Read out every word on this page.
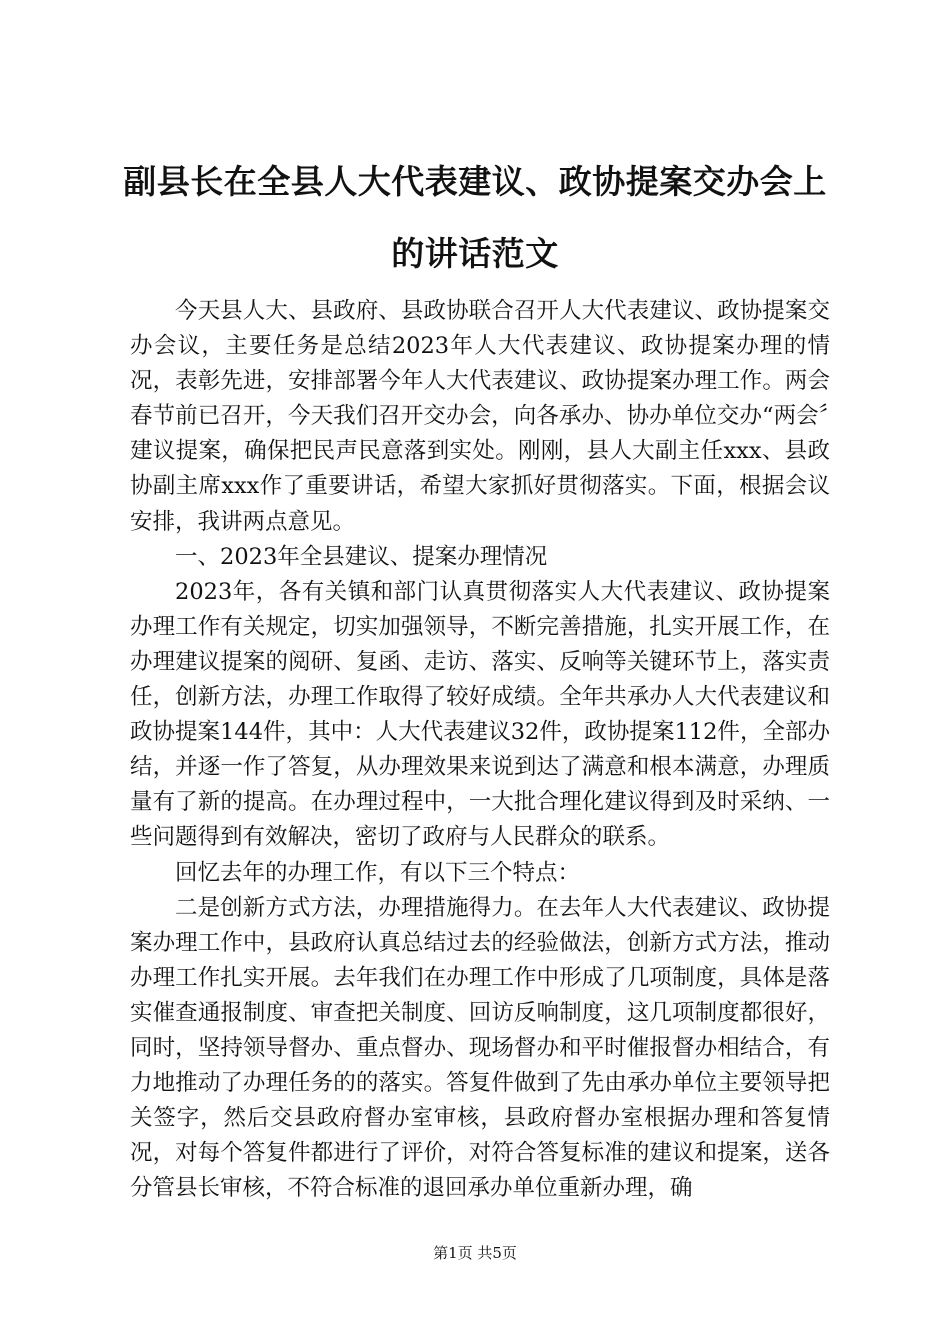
副县长在全县人大代表建议、政协提案交办会上的讲话范文

今天县人大、县政府、县政协联合召开人大代表建议、政协提案交办会议，主要任务是总结2023年人大代表建议、政协提案办理的情况，表彰先进，安排部署今年人大代表建议、政协提案办理工作。两会春节前已召开，今天我们召开交办会，向各承办、协办单位交办“两会〞建议提案，确保把民声民意落到实处。刚刚，县人大副主任xxx、县政协副主席xxx作了重要讲话，希望大家抓好贯彻落实。下面，根据会议安排，我讲两点意见。

一、2023年全县建议、提案办理情况

2023年，各有关镇和部门认真贯彻落实人大代表建议、政协提案办理工作有关规定，切实加强领导，不断完善措施，扎实开展工作，在办理建议提案的阅研、复函、走访、落实、反响等关键环节上，落实责任，创新方法，办理工作取得了较好成绩。全年共承办人大代表建议和政协提案144件，其中：人大代表建议32件，政协提案112件，全部办结，并逐一作了答复，从办理效果来说到达了满意和根本满意，办理质量有了新的提高。在办理过程中，一大批合理化建议得到及时采纳、一些问题得到有效解决，密切了政府与人民群众的联系。

回忆去年的办理工作，有以下三个特点：

二是创新方式方法，办理措施得力。在去年人大代表建议、政协提案办理工作中，县政府认真总结过去的经验做法，创新方式方法，推动办理工作扎实开展。去年我们在办理工作中形成了几项制度，具体是落实催查通报制度、审查把关制度、回访反响制度，这几项制度都很好，同时，坚持领导督办、重点督办、现场督办和平时催报督办相结合，有力地推动了办理任务的的落实。答复件做到了先由承办单位主要领导把关签字，然后交县政府督办室审核，县政府督办室根据办理和答复情况，对每个答复件都进行了评价，对符合答复标准的建议和提案，送各分管县长审核，不符合标准的退回承办单位重新办理，确

第1页 共5页
